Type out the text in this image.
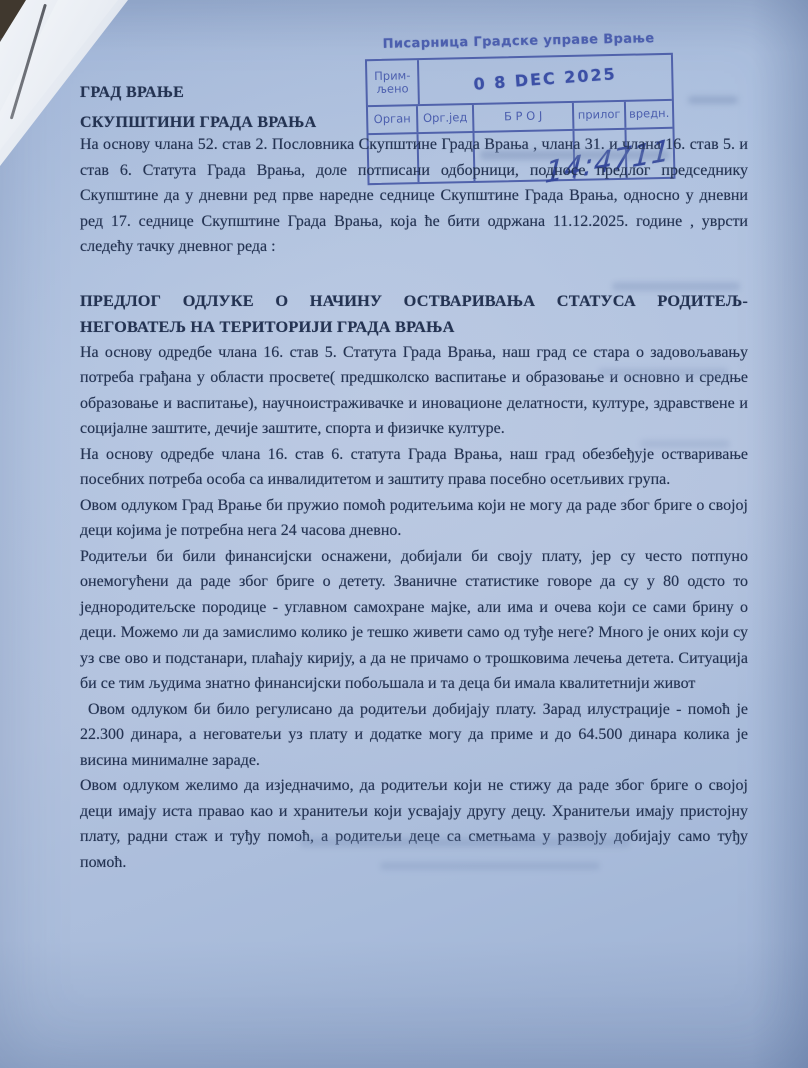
Писарница Градске управе Врање
Прим-љено	0 8 DEC 2025
Орган	Орг.јед	Б Р О Ј	прилог вредн.
14:4711
ГРАД ВРАЊЕ
СКУПШТИНИ ГРАДА ВРАЊА

На основу члана 52. став 2. Пословника Скупштине Града Врања , члана 31. и члана 16. став 5. и став 6. Статута Града Врања, доле потписани одборници, подносе предлог председнику Скупштине да у дневни ред прве наредне седнице Скупштине Града Врања, односно у дневни ред 17. седнице Скупштине Града Врања, која ће бити одржана 11.12.2025. године , уврсти следећу тачку дневног реда :

ПРЕДЛОГ ОДЛУКЕ О НАЧИНУ ОСТВАРИВАЊА СТАТУСА РОДИТЕЉ- НЕГОВАТЕЉ НА ТЕРИТОРИЈИ ГРАДА ВРАЊА

На основу одредбе члана 16. став 5. Статута Града Врања, наш град се стара о задовољавању потреба грађана у области просвете( предшколско васпитање и образовање и основно и средње образовање и васпитање), научноистраживачке и иновационе делатности, културе, здравствене и социјалне заштите, дечије заштите, спорта и физичке културе.

На основу одредбе члана 16. став 6. статута Града Врања, наш град обезбеђује остваривање посебних потреба особа са инвалидитетом и заштиту права посебно осетљивих група.

Овом одлуком Град Врање би пружио помоћ родитељима који не могу да раде због бриге о својој деци којима је потребна нега 24 часова дневно.

Родитељи би били финансијски оснажени, добијали би своју плату, јер су често потпуно онемогућени да раде због бриге о детету. Званичне статистике говоре да су у 80 одсто то једнородитељске породице - углавном самохране мајке, али има и очева који се сами брину о деци. Можемо ли да замислимо колико је тешко живети само од туђе неге? Много је оних који су уз све ово и подстанари, плаћају кирију, а да не причамо о трошковима лечења детета. Ситуација би се тим људима знатно финансијски побољшала и та деца би имала квалитетнији живот

Овом одлуком би било регулисано да родитељи добијају плату. Зарад илустрације - помоћ је 22.300 динара, а неговатељи уз плату и додатке могу да приме и до 64.500 динара колика је висина минималне зараде.

Овом одлуком желимо да изједначимо, да родитељи који не стижу да раде због бриге о својој деци имају иста правао као и хранитељи који усвајају другу децу. Хранитељи имају пристојну плату, радни стаж и туђу помоћ, а родитељи деце са сметњама у развоју добијају само туђу помоћ.
